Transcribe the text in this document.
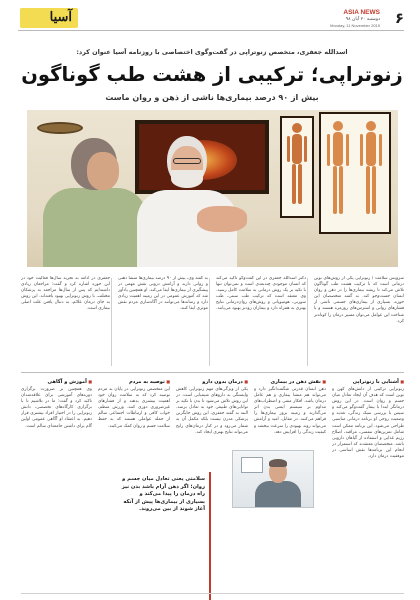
آسیا	ASIA NEWS
دوشنبه ۲۰ آبان ۹۸
Monday, 11 November 2019 ۶
اسدالله جعفری، متخصص زنوتراپی در گفت‌وگوی اختصاصی با روزنامه آسیا عنوان کرد:
زنوتراپی؛ ترکیبی از هشت طب گوناگون
بیش از ۹۰ درصد بیماری‌ها ناشی از ذهن و روان ماست

سرویس سلامت / زنوتراپی یکی از روش‌های نوین درمانی است که با ترکیب هشت طب گوناگون تلاش می‌کند تا ریشه بیماری‌ها را در ذهن و روان انسان جست‌وجو کند. به گفته متخصصان این حوزه، بسیاری از بیماری‌های جسمی ناشی از فشارهای روانی و استرس‌های روزمره هستند و با شناخت این عوامل می‌توان مسیر درمان را کوتاه‌تر کرد.

دکتر اسدالله جعفری در این گفت‌وگو تاکید می‌کند که انسان موجودی چندبعدی است و نمی‌توان تنها با تکیه بر یک روش درمانی به سلامت کامل رسید. وی معتقد است که ترکیب طب سنتی، طب سوزنی، هومیوپاتی و روش‌های روان‌درمانی نتایج بهتری به همراه دارد و بیماران زودتر بهبود می‌یابند.

به گفته وی، بیش از ۹۰ درصد بیماری‌ها منشا ذهنی و روانی دارند و آرامش درونی نقش مهمی در پیشگیری از بیماری‌ها ایفا می‌کند. او همچنین یادآور شد که آموزش عمومی در این زمینه اهمیت زیادی دارد و رسانه‌ها می‌توانند در آگاه‌سازی مردم نقش موثری ایفا کنند.

جعفری در ادامه به تجربه سال‌ها فعالیت خود در این حوزه اشاره کرد و گفت: مراجعان زیادی داشته‌ایم که پس از سال‌ها مراجعه به پزشکان مختلف، با روش زنوتراپی بهبود یافته‌اند. این روش به جای درمان علائم، به دنبال یافتن علت اصلی بیماری است.

■ آشنایی با زنوتراپی

زنوتراپی ترکیبی از دانش‌های کهن و نوین است که هدف آن ایجاد تعادل میان جسم و روان است. در این روش درمانگر ابتدا با بیمار گفت‌وگو می‌کند و سپس با بررسی سبک زندگی، تغذیه و وضعیت روحی او برنامه درمانی مناسبی طراحی می‌شود. این برنامه ممکن است شامل تمرین‌های تنفسی، مراقبه، اصلاح رژیم غذایی و استفاده از گیاهان دارویی باشد. متخصصان معتقدند که استمرار در انجام این برنامه‌ها نقش اساسی در موفقیت درمان دارد.

■ نقش ذهن در بیماری

ذهن انسان قدرتی شگفت‌انگیز دارد و می‌تواند هم منشا بیماری و هم عامل درمان باشد. افکار منفی و اضطراب‌های مداوم بر سیستم ایمنی بدن اثر می‌گذارند و زمینه بروز بیماری‌ها را فراهم می‌کنند. در مقابل، امید و آرامش می‌تواند روند بهبودی را سرعت ببخشد و کیفیت زندگی را افزایش دهد.

■ درمان بدون دارو

یکی از ویژگی‌های مهم زنوتراپی کاهش وابستگی به داروهای شیمیایی است. در این روش تلاش می‌شود تا بدن با تکیه بر توانایی‌های طبیعی خود به تعادل برسد. البته به گفته جعفری، این روش جایگزین پزشکی مدرن نیست بلکه مکمل آن به شمار می‌رود و در کنار درمان‌های رایج می‌تواند نتایج بهتری ایجاد کند.

■ توصیه به مردم

این متخصص زنوتراپی در پایان به مردم توصیه کرد که به سلامت روان خود اهمیت بیشتری بدهند و از فشارهای غیرضروری دوری کنند. ورزش منظم، خواب کافی و ارتباطات اجتماعی سالم از جمله عواملی هستند که به حفظ سلامت جسم و روان کمک می‌کنند.

■ آموزش و آگاهی

وی همچنین بر ضرورت برگزاری دوره‌های آموزشی برای علاقه‌مندان تاکید کرد و گفت: ما در تلاشیم تا با برگزاری کارگاه‌های تخصصی، دانش زنوتراپی را در اختیار افراد بیشتری قرار دهیم. به اعتقاد او آگاهی عمومی اولین گام برای داشتن جامعه‌ای سالم است.

سلامتی یعنی تعادل میان جسم و روان؛ اگر ذهن آرام باشد بدن نیز راه درمان را پیدا می‌کند و بسیاری از بیماری‌ها پیش از آنکه آغاز شوند از بین می‌روند.
